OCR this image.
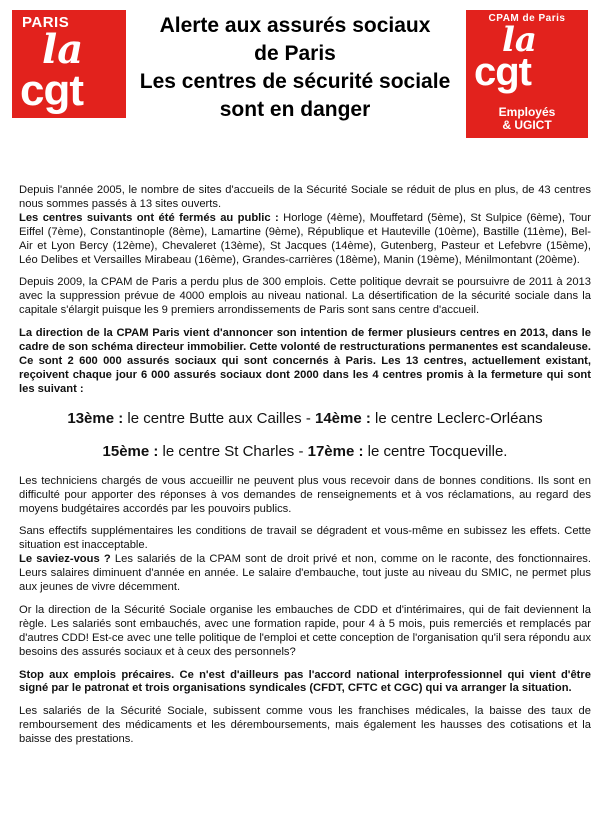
PARIS
la
cgt
Alerte aux assurés sociaux
de Paris
Les centres de sécurité sociale
sont en danger
CPAM de Paris
la
cgt
Employés
& UGICT

Depuis l'année 2005, le nombre de sites d'accueils de la Sécurité Sociale se réduit de plus en plus, de 43 centres nous sommes passés à 13 sites ouverts.

Les centres suivants ont été fermés au public : Horloge (4ème), Mouffetard (5ème), St Sulpice (6ème), Tour Eiffel (7ème), Constantinople (8ème), Lamartine (9ème), République et Hauteville (10ème), Bastille (11ème), Bel-Air et Lyon Bercy (12ème), Chevaleret (13ème), St Jacques (14ème), Gutenberg, Pasteur et Lefebvre (15ème), Léo Delibes et Versailles Mirabeau (16ème), Grandes-carrières (18ème), Manin (19ème), Ménilmontant (20ème).

Depuis 2009, la CPAM de Paris a perdu plus de 300 emplois. Cette politique devrait se poursuivre de 2011 à 2013 avec la suppression prévue de 4000 emplois au niveau national. La désertification de la sécurité sociale dans la capitale s'élargit puisque les 9 premiers arrondissements de Paris sont sans centre d'accueil.

La direction de la CPAM Paris vient d'annoncer son intention de fermer plusieurs centres en 2013, dans le cadre de son schéma directeur immobilier. Cette volonté de restructurations permanentes est scandaleuse. Ce sont 2 600 000 assurés sociaux qui sont concernés à Paris. Les 13 centres, actuellement existant, reçoivent chaque jour 6 000 assurés sociaux dont 2000 dans les 4 centres promis à la fermeture qui sont les suivant :

13ème : le centre Butte aux Cailles - 14ème : le centre Leclerc-Orléans
15ème : le centre St Charles - 17ème : le centre Tocqueville.

Les techniciens chargés de vous accueillir ne peuvent plus vous recevoir dans de bonnes conditions. Ils sont en difficulté pour apporter des réponses à vos demandes de renseignements et à vos réclamations, au regard des moyens budgétaires accordés par les pouvoirs publics.

Sans effectifs supplémentaires les conditions de travail se dégradent et vous-même en subissez les effets. Cette situation est inacceptable.

Le saviez-vous ? Les salariés de la CPAM sont de droit privé et non, comme on le raconte, des fonctionnaires. Leurs salaires diminuent d'année en année. Le salaire d'embauche, tout juste au niveau du SMIC, ne permet plus aux jeunes de vivre décemment.

Or la direction de la Sécurité Sociale organise les embauches de CDD et d'intérimaires, qui de fait deviennent la règle. Les salariés sont embauchés, avec une formation rapide, pour 4 à 5 mois, puis remerciés et remplacés par d'autres CDD! Est-ce avec une telle politique de l'emploi et cette conception de l'organisation qu'il sera répondu aux besoins des assurés sociaux et à ceux des personnels?

Stop aux emplois précaires. Ce n'est d'ailleurs pas l'accord national interprofessionnel qui vient d'être signé par le patronat et trois organisations syndicales (CFDT, CFTC et CGC) qui va arranger la situation.

Les salariés de la Sécurité Sociale, subissent comme vous les franchises médicales, la baisse des taux de remboursement des médicaments et les déremboursements, mais également les hausses des cotisations et la baisse des prestations.
